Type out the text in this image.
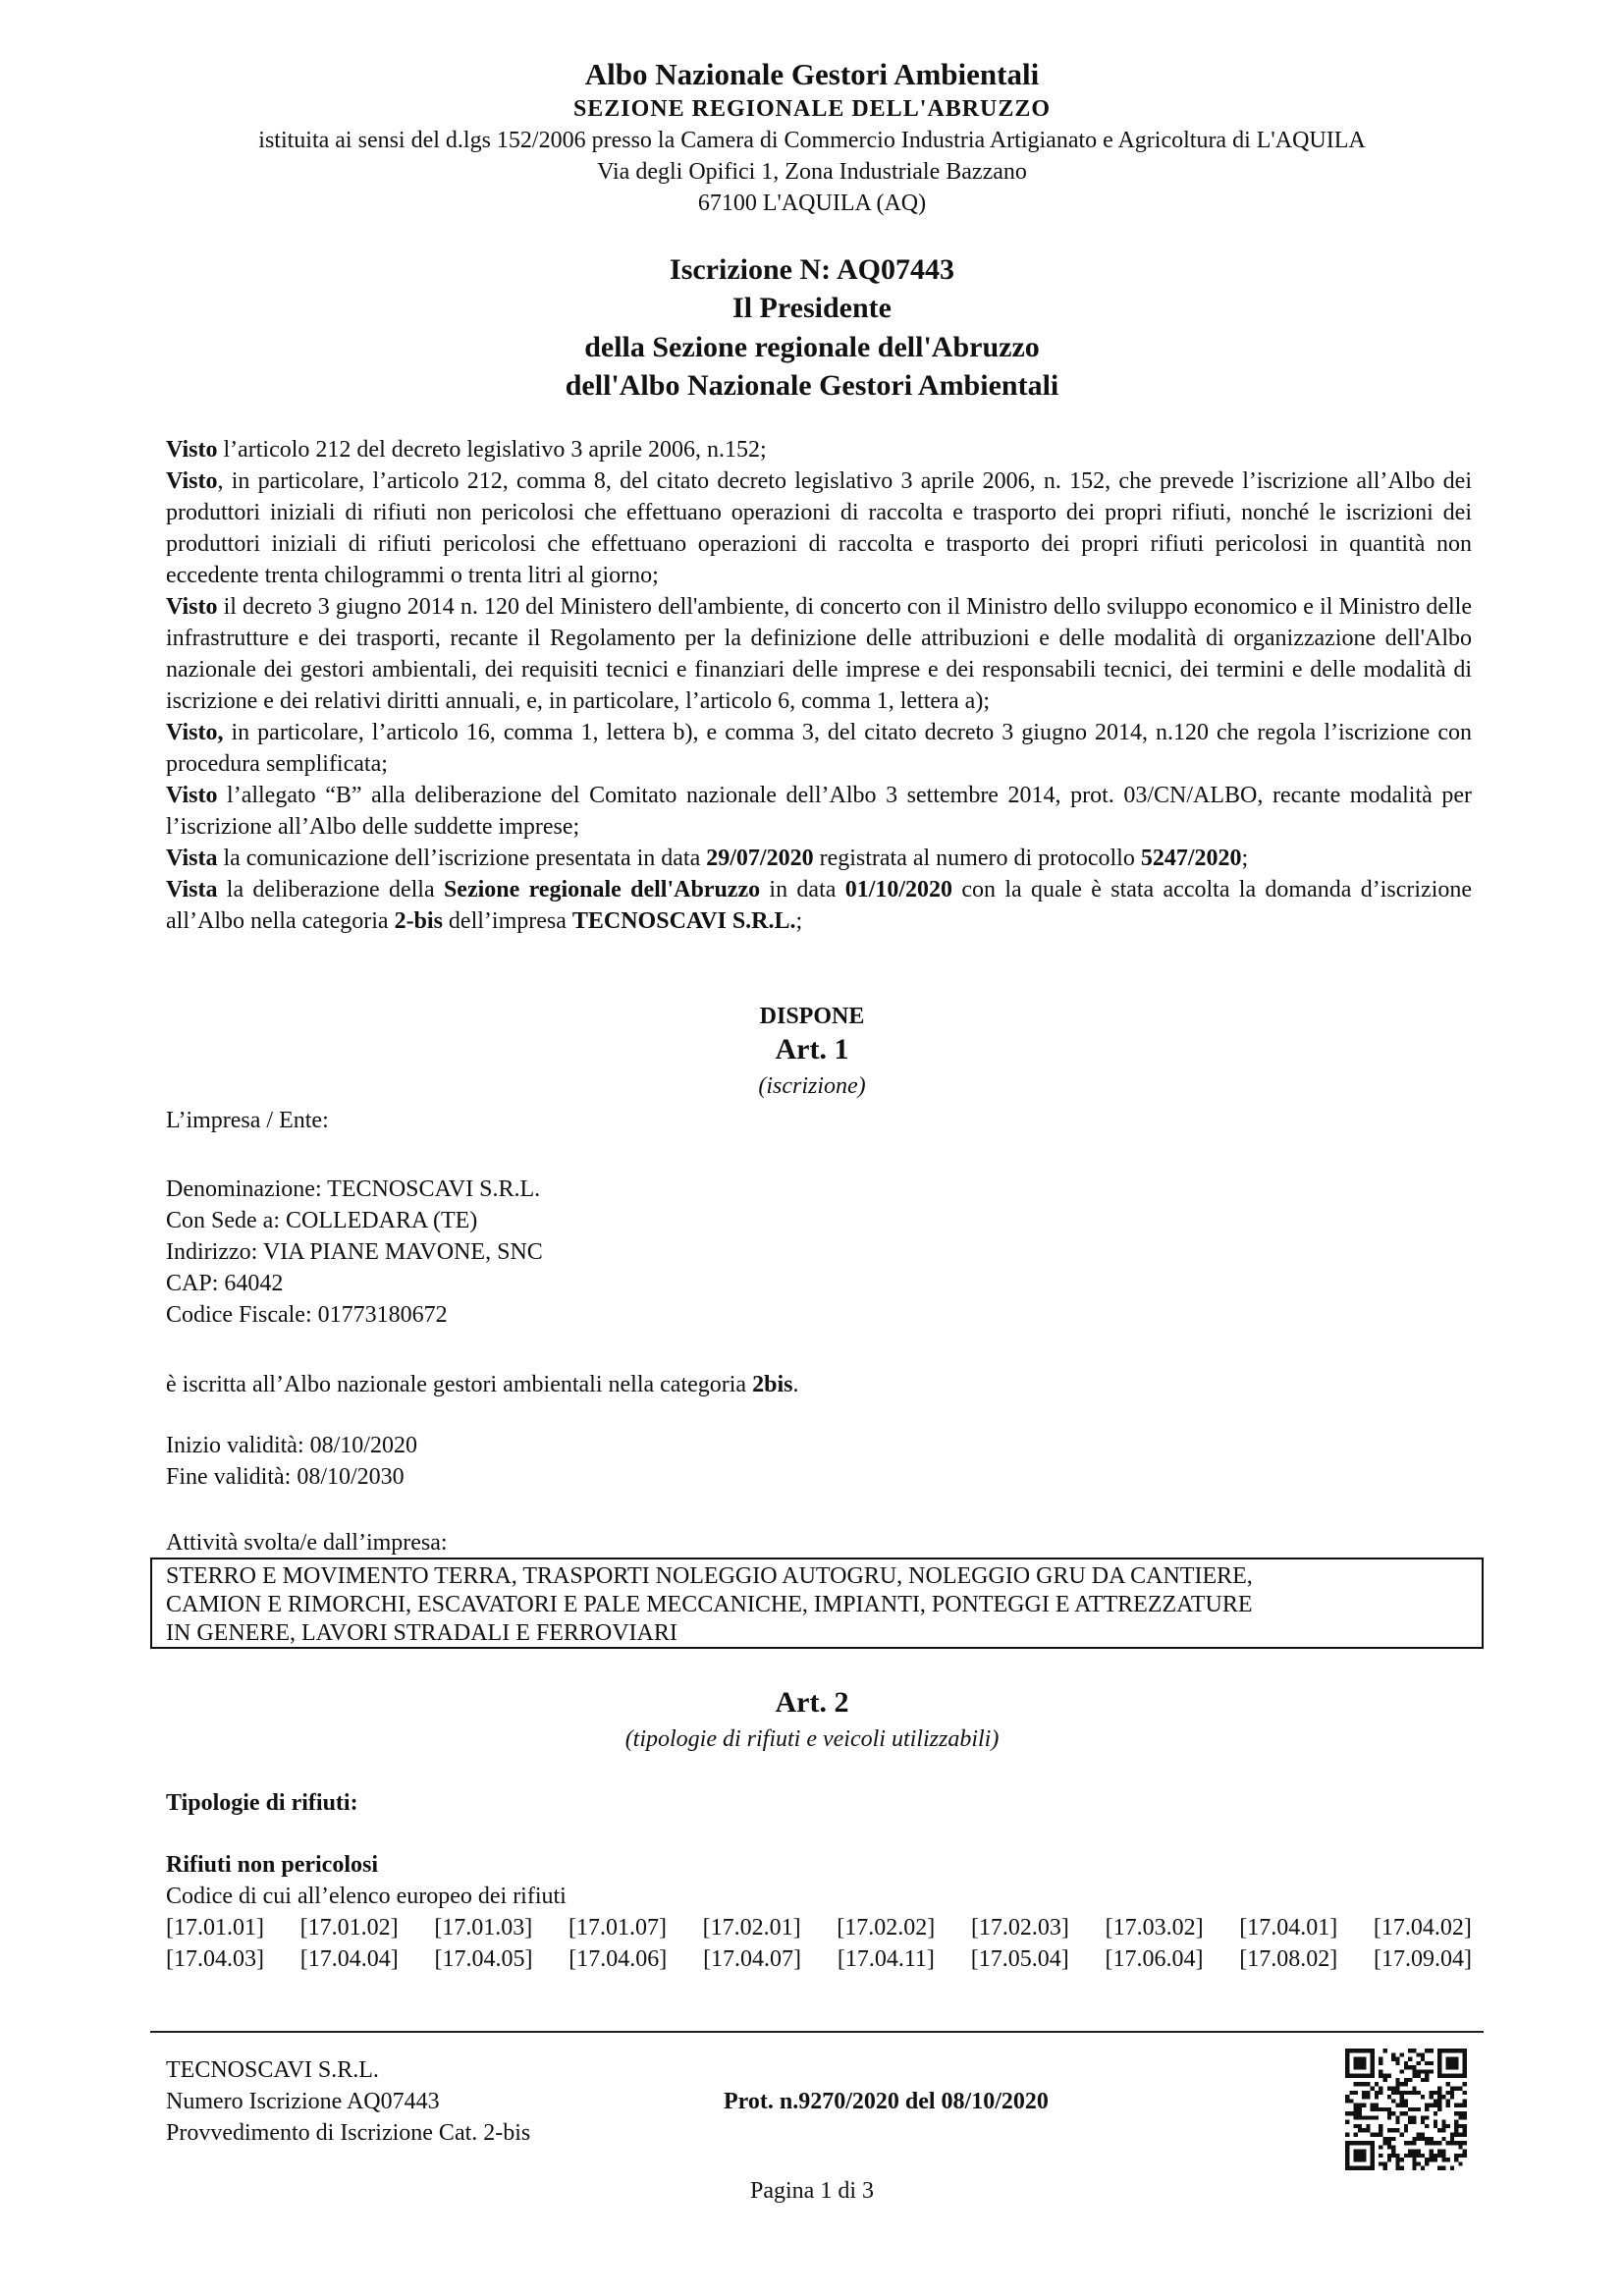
Albo Nazionale Gestori Ambientali
SEZIONE REGIONALE DELL'ABRUZZO
istituita ai sensi del d.lgs 152/2006 presso la Camera di Commercio Industria Artigianato e Agricoltura di L'AQUILA
Via degli Opifici 1, Zona Industriale Bazzano
67100 L'AQUILA (AQ)
Iscrizione N: AQ07443
Il Presidente
della Sezione regionale dell'Abruzzo
dell'Albo Nazionale Gestori Ambientali

Visto l’articolo 212 del decreto legislativo 3 aprile 2006, n.152;

Visto, in particolare, l’articolo 212, comma 8, del citato decreto legislativo 3 aprile 2006, n. 152, che prevede l’iscrizione all’Albo dei produttori iniziali di rifiuti non pericolosi che effettuano operazioni di raccolta e trasporto dei propri rifiuti, nonché le iscrizioni dei produttori iniziali di rifiuti pericolosi che effettuano operazioni di raccolta e trasporto dei propri rifiuti pericolosi in quantità non eccedente trenta chilogrammi o trenta litri al giorno;

Visto il decreto 3 giugno 2014 n. 120 del Ministero dell'ambiente, di concerto con il Ministro dello sviluppo economico e il Ministro delle infrastrutture e dei trasporti, recante il Regolamento per la definizione delle attribuzioni e delle modalità di organizzazione dell'Albo nazionale dei gestori ambientali, dei requisiti tecnici e finanziari delle imprese e dei responsabili tecnici, dei termini e delle modalità di iscrizione e dei relativi diritti annuali, e, in particolare, l’articolo 6, comma 1, lettera a);

Visto, in particolare, l’articolo 16, comma 1, lettera b), e comma 3, del citato decreto 3 giugno 2014, n.120 che regola l’iscrizione con procedura semplificata;

Visto l’allegato “B” alla deliberazione del Comitato nazionale dell’Albo 3 settembre 2014, prot. 03/CN/ALBO, recante modalità per l’iscrizione all’Albo delle suddette imprese;

Vista la comunicazione dell’iscrizione presentata in data 29/07/2020 registrata al numero di protocollo 5247/2020;

Vista la deliberazione della Sezione regionale dell'Abruzzo in data 01/10/2020 con la quale è stata accolta la domanda d’iscrizione all’Albo nella categoria 2-bis dell’impresa TECNOSCAVI S.R.L.;

DISPONE
Art. 1
(iscrizione)
L’impresa / Ente:
Denominazione: TECNOSCAVI S.R.L.
Con Sede a: COLLEDARA (TE)
Indirizzo: VIA PIANE MAVONE, SNC
CAP: 64042
Codice Fiscale: 01773180672
è iscritta all’Albo nazionale gestori ambientali nella categoria 2bis.
Inizio validità: 08/10/2020
Fine validità: 08/10/2030
Attività svolta/e dall’impresa:
STERRO E MOVIMENTO TERRA, TRASPORTI NOLEGGIO AUTOGRU, NOLEGGIO GRU DA CANTIERE,
CAMION E RIMORCHI, ESCAVATORI E PALE MECCANICHE, IMPIANTI, PONTEGGI E ATTREZZATURE
IN GENERE, LAVORI STRADALI E FERROVIARI
Art. 2
(tipologie di rifiuti e veicoli utilizzabili)
Tipologie di rifiuti:
Rifiuti non pericolosi
Codice di cui all’elenco europeo dei rifiuti
[17.01.01] [17.01.02] [17.01.03] [17.01.07] [17.02.01] [17.02.02] [17.02.03] [17.03.02] [17.04.01] [17.04.02]
[17.04.03] [17.04.04] [17.04.05] [17.04.06] [17.04.07] [17.04.11] [17.05.04] [17.06.04] [17.08.02] [17.09.04]
TECNOSCAVI S.R.L.
Numero Iscrizione AQ07443
Provvedimento di Iscrizione Cat. 2-bis
Prot. n.9270/2020 del 08/10/2020
Pagina 1 di 3
